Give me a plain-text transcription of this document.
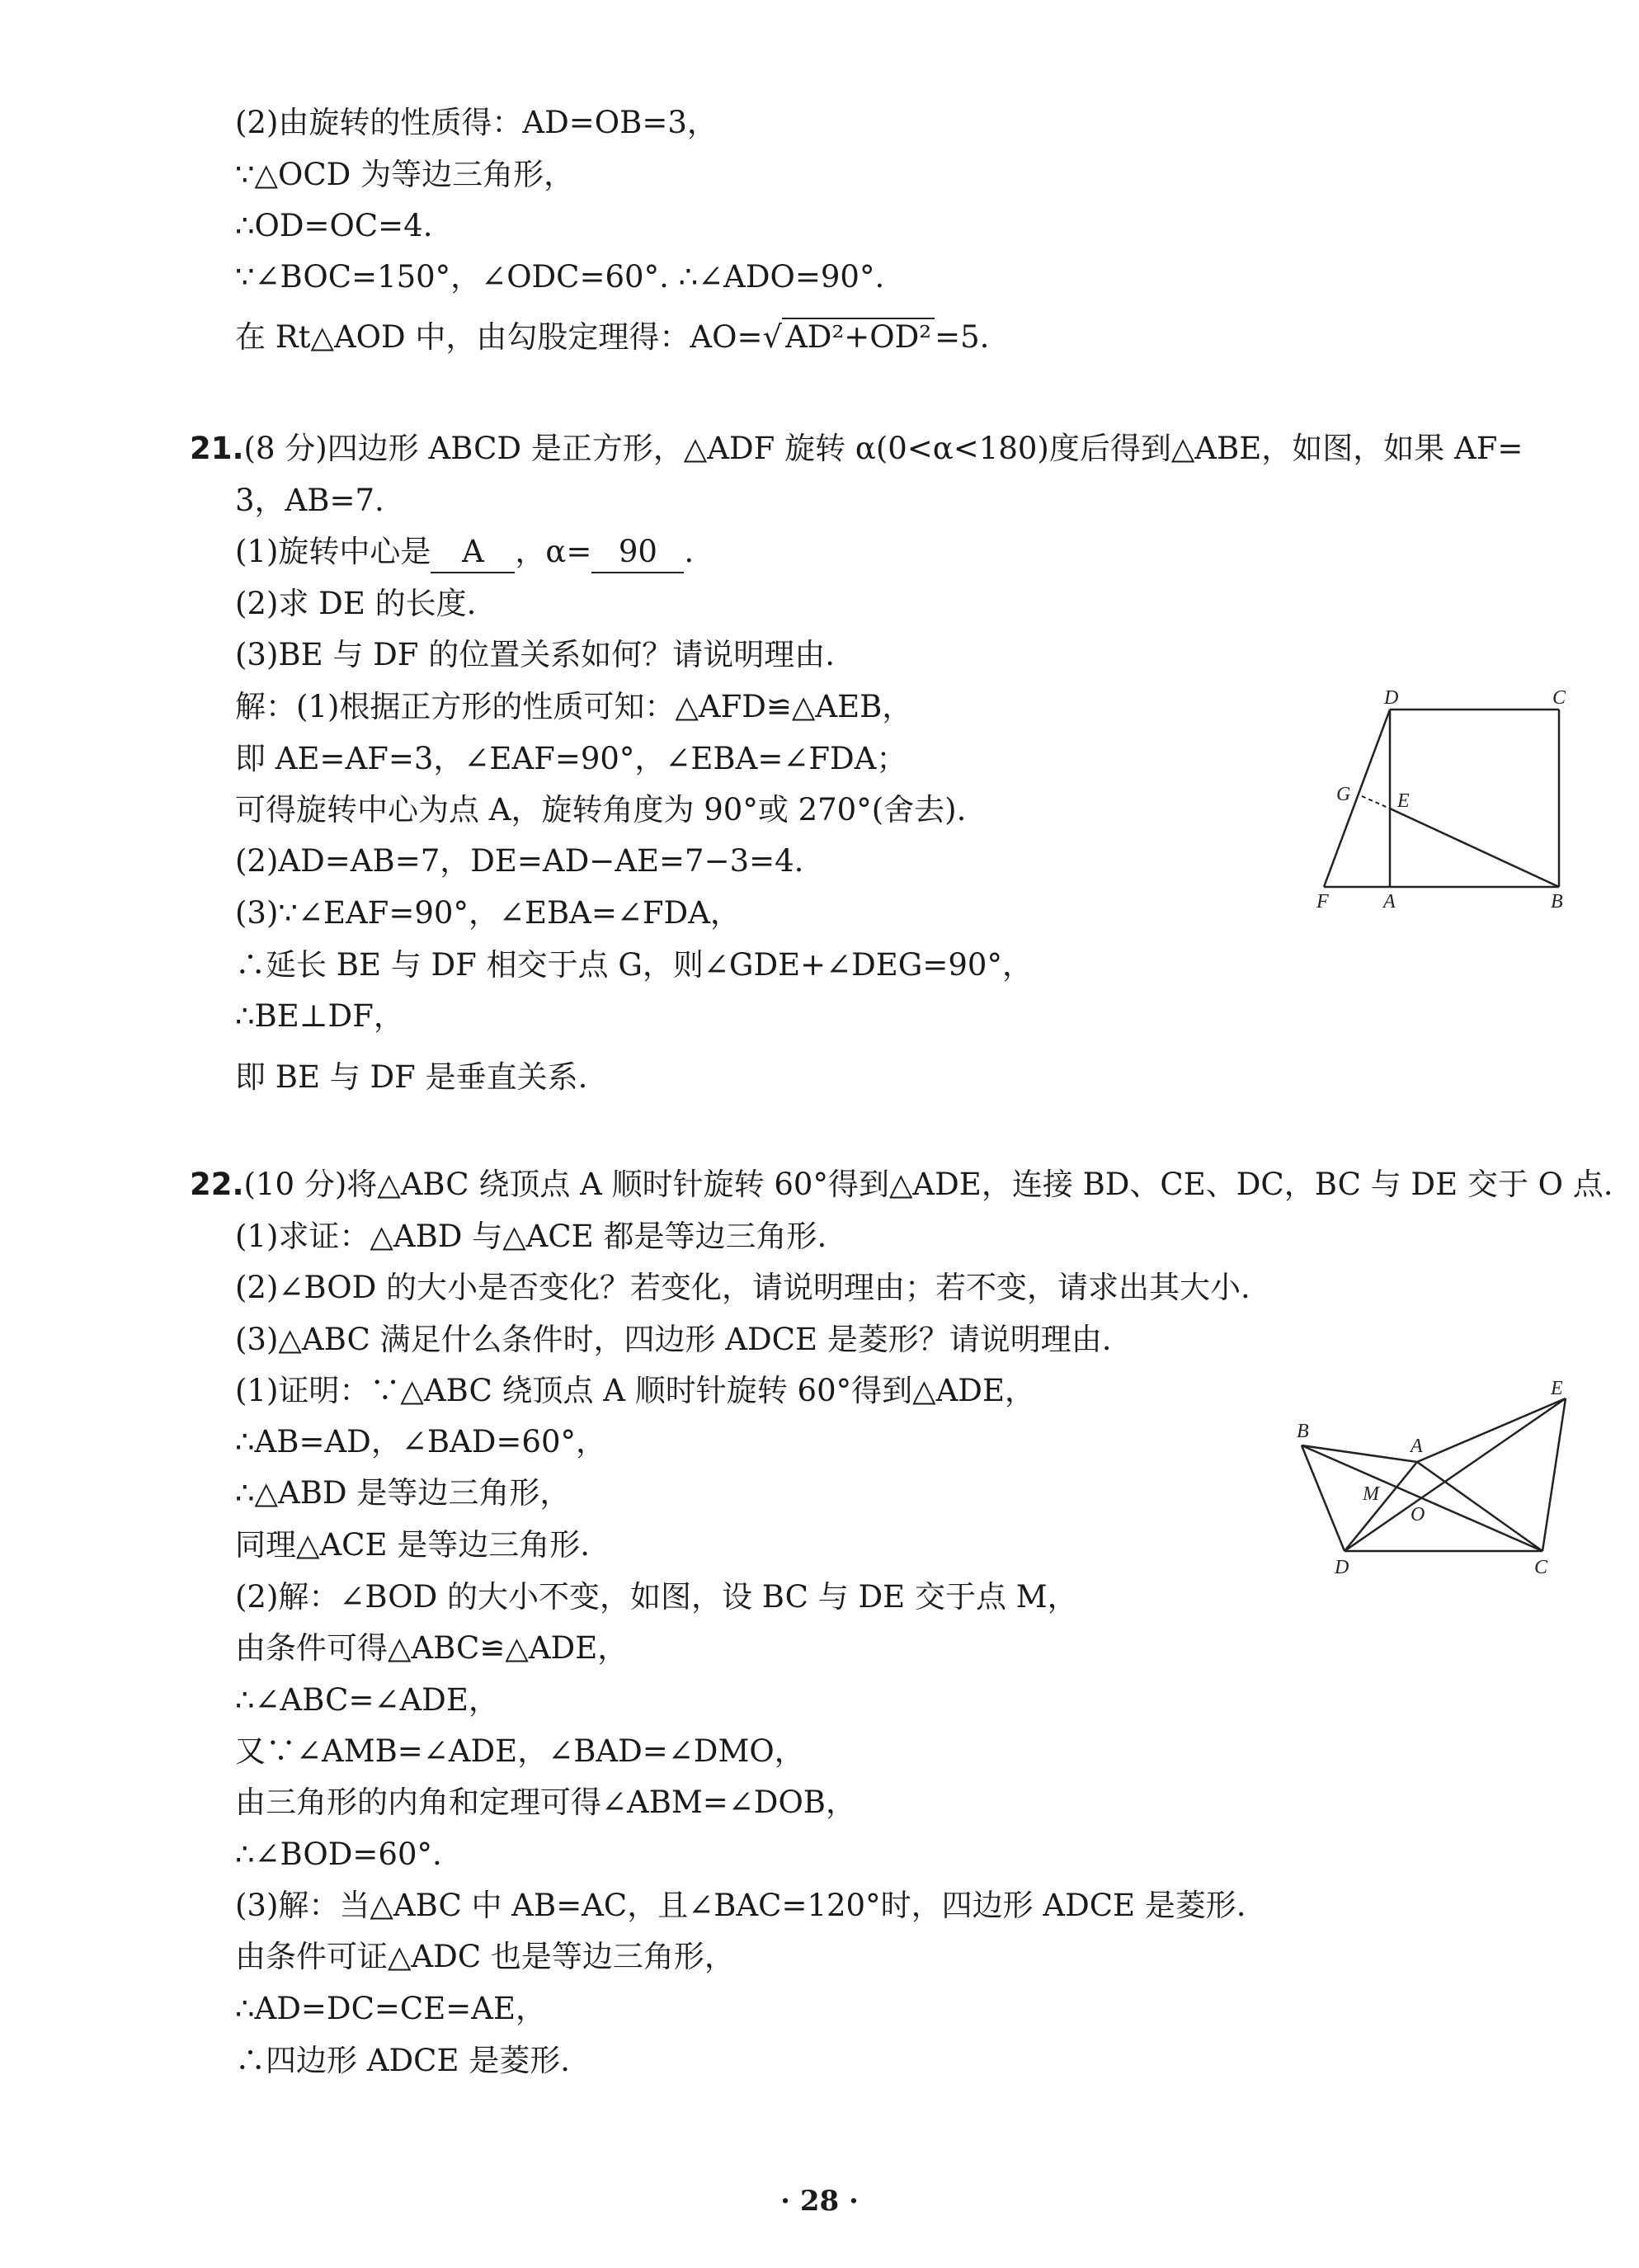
(2)由旋转的性质得：AD=OB=3，
∵△OCD 为等边三角形，
∴OD=OC=4.
∵∠BOC=150°，∠ODC=60°. ∴∠ADO=90°.
在 Rt△AOD 中，由勾股定理得：AO=√ AD²+OD² =5.
21.(8 分)四边形 ABCD 是正方形，△ADF 旋转 α(0<α<180)度后得到△ABE，如图，如果 AF=
3，AB=7.
(1)旋转中心是 A ，α= 90 .
(2)求 DE 的长度.
(3)BE 与 DF 的位置关系如何？请说明理由.
解：(1)根据正方形的性质可知：△AFD≌△AEB，
即 AE=AF=3，∠EAF=90°，∠EBA=∠FDA；
可得旋转中心为点 A，旋转角度为 90°或 270°(舍去).
(2)AD=AB=7，DE=AD−AE=7−3=4.
(3)∵∠EAF=90°，∠EBA=∠FDA，
∴延长 BE 与 DF 相交于点 G，则∠GDE+∠DEG=90°，
∴BE⊥DF，
即 BE 与 DF 是垂直关系.
D	C
G E
F	A	B
22.(10 分)将△ABC 绕顶点 A 顺时针旋转 60°得到△ADE，连接 BD、CE、DC，BC 与 DE 交于 O 点.
(1)求证：△ABD 与△ACE 都是等边三角形.
(2)∠BOD 的大小是否变化？若变化，请说明理由；若不变，请求出其大小.
(3)△ABC 满足什么条件时，四边形 ADCE 是菱形？请说明理由.
(1)证明：∵△ABC 绕顶点 A 顺时针旋转 60°得到△ADE，
∴AB=AD，∠BAD=60°，
∴△ABD 是等边三角形，
同理△ACE 是等边三角形.
(2)解：∠BOD 的大小不变，如图，设 BC 与 DE 交于点 M，
由条件可得△ABC≌△ADE，
∴∠ABC=∠ADE，
又∵∠AMB=∠ADE，∠BAD=∠DMO，
由三角形的内角和定理可得∠ABM=∠DOB，
∴∠BOD=60°.
(3)解：当△ABC 中 AB=AC，且∠BAC=120°时，四边形 ADCE 是菱形.
由条件可证△ADC 也是等边三角形，
∴AD=DC=CE=AE，
∴四边形 ADCE 是菱形.
E
B
A
M
O
D	C
· 28 ·
